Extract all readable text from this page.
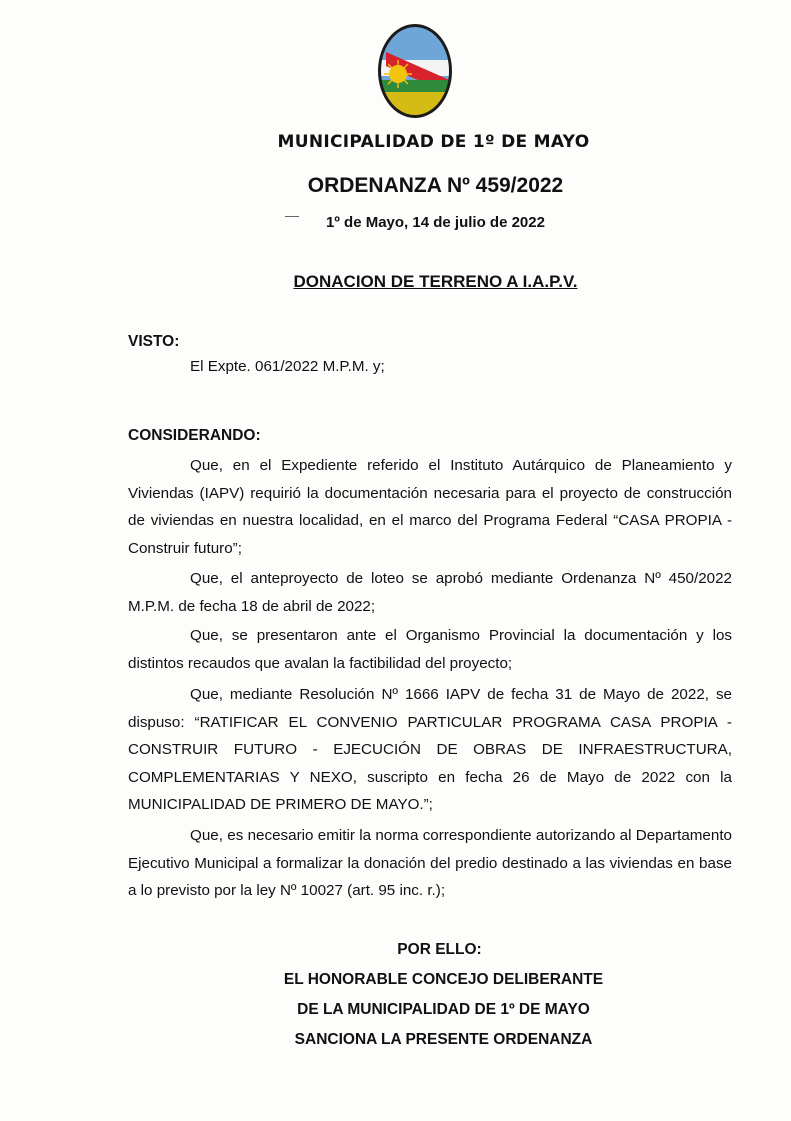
MUNICIPALIDAD DE 1º DE MAYO
ORDENANZA Nº 459/2022
1º de Mayo, 14 de julio de 2022
DONACION DE TERRENO A I.A.P.V.
VISTO:
El Expte. 061/2022 M.P.M. y;
CONSIDERANDO:

Que, en el Expediente referido el Instituto Autárquico de Planeamiento y Viviendas (IAPV) requirió la documentación necesaria para el proyecto de construcción de viviendas en nuestra localidad, en el marco del Programa Federal “CASA PROPIA - Construir futuro”;

Que, el anteproyecto de loteo se aprobó mediante Ordenanza Nº 450/2022 M.P.M. de fecha 18 de abril de 2022;

Que, se presentaron ante el Organismo Provincial la documentación y los distintos recaudos que avalan la factibilidad del proyecto;

Que, mediante Resolución Nº 1666 IAPV de fecha 31 de Mayo de 2022, se dispuso: “RATIFICAR EL CONVENIO PARTICULAR PROGRAMA CASA PROPIA - CONSTRUIR FUTURO - EJECUCIÓN DE OBRAS DE INFRAESTRUCTURA, COMPLEMENTARIAS Y NEXO, suscripto en fecha 26 de Mayo de 2022 con la MUNICIPALIDAD DE PRIMERO DE MAYO.”;

Que, es necesario emitir la norma correspondiente autorizando al Departamento Ejecutivo Municipal a formalizar la donación del predio destinado a las viviendas en base a lo previsto por la ley Nº 10027 (art. 95 inc. r.);

POR ELLO:
EL HONORABLE CONCEJO DELIBERANTE
DE LA MUNICIPALIDAD DE 1º DE MAYO
SANCIONA LA PRESENTE ORDENANZA
